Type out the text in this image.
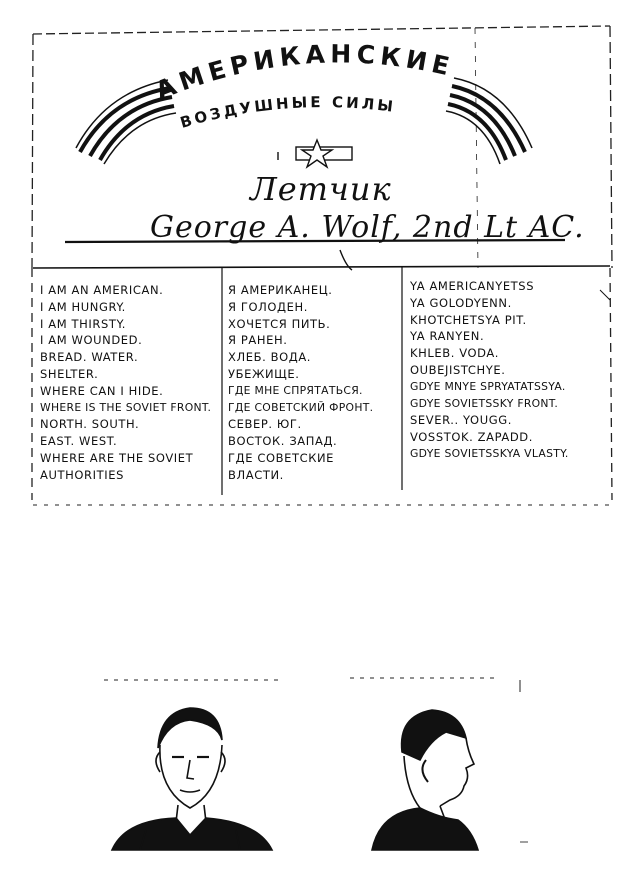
АМЕРИКАНСКИЕ
ВОЗДУШНЫЕ СИЛЫ
Летчик
George A. Wolf, 2nd Lt AC.
I AM AN AMERICAN.
I AM HUNGRY.
I AM THIRSTY.
I AM WOUNDED.
BREAD. WATER.
SHELTER.
WHERE CAN I HIDE.
WHERE IS THE SOVIET FRONT.
NORTH. SOUTH.
EAST. WEST.
WHERE ARE THE SOVIET
AUTHORITIES
Я АМЕРИКАНЕЦ.
Я ГОЛОДЕН.
ХОЧЕТСЯ ПИТЬ.
Я РАНЕН.
ХЛЕБ. ВОДА.
УБЕЖИЩЕ.
ГДЕ МНЕ СПРЯТАТЬСЯ.
ГДЕ СОВЕТСКИЙ ФРОНТ.
СЕВЕР. ЮГ.
ВОСТОК. ЗАПАД.
ГДЕ СОВЕТСКИЕ
ВЛАСТИ.
YA AMERICANYETSS
YA GOLODYENN.
KHOTCHETSYA PIT.
YA RANYEN.
KHLEB. VODA.
OUBEJISTCHYE.
GDYE MNYE SPRYATATSSYA.
GDYE SOVIETSSKY FRONT.
SEVER.. YOUGG.
VOSSTOK. ZAPADD.
GDYE SOVIETSSKYA VLASTY.
